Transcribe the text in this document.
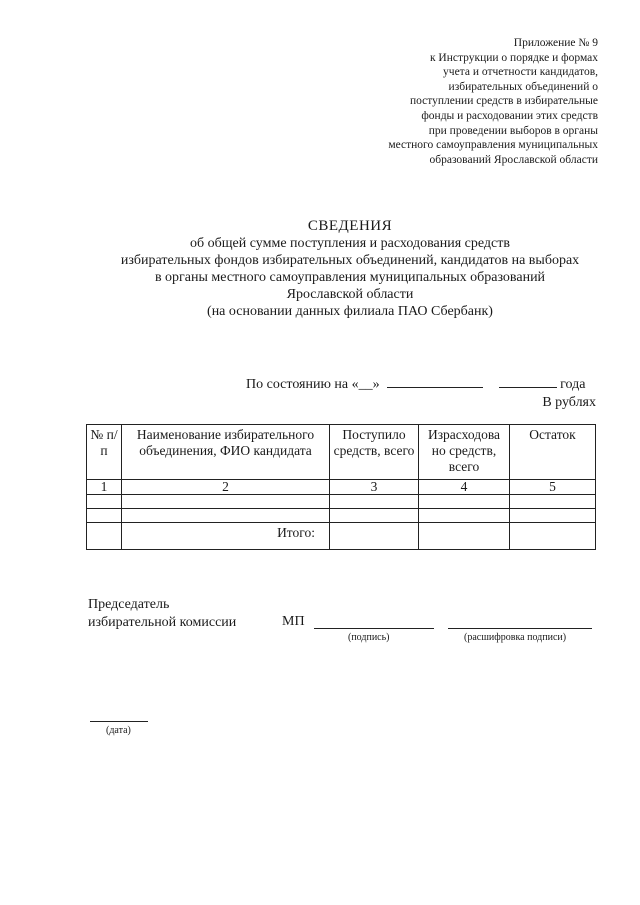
Приложение № 9
к Инструкции о порядке и формах
учета и отчетности кандидатов,
избирательных объединений о
поступлении средств в избирательные
фонды и расходовании этих средств
при проведении выборов в органы
местного самоуправления муниципальных
образований Ярославской области
СВЕДЕНИЯ
об общей сумме поступления и расходования средств
избирательных фондов избирательных объединений, кандидатов на выборах
в органы местного самоуправления муниципальных образований
Ярославской области
(на основании данных филиала ПАО Сбербанк)
По состоянию на «__»	года
В рублях
№ п/п	Наименование избирательного объединения, ФИО кандидата	Поступило средств, всего	Израсходова но средств, всего	Остаток
1	2	3	4	5

	Итого:			
Председатель
избирательной комиссии	МП
(подпись)	(расшифровка подписи)
(дата)
